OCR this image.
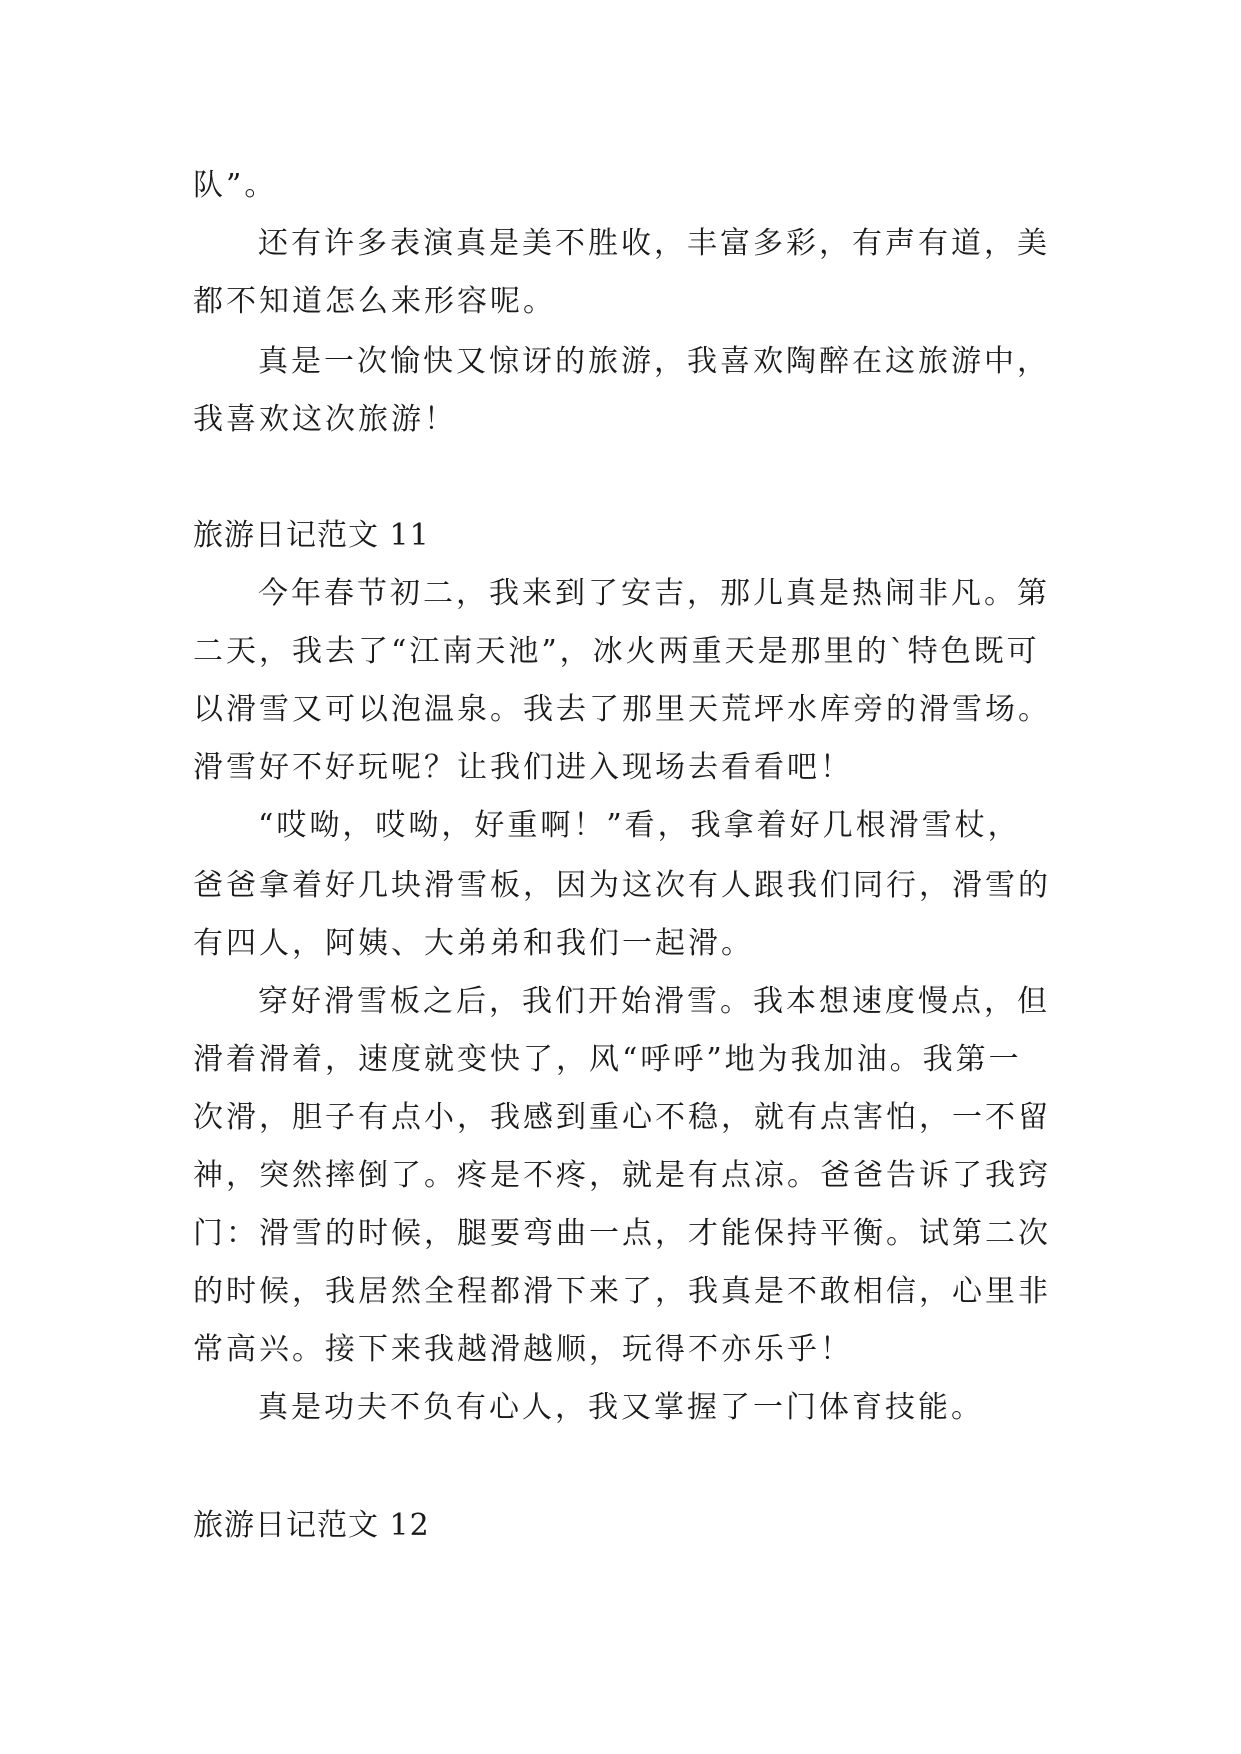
队”。
还有许多表演真是美不胜收，丰富多彩，有声有道，美
都不知道怎么来形容呢。
真是一次愉快又惊讶的旅游，我喜欢陶醉在这旅游中，
我喜欢这次旅游！
旅游日记范文 11
今年春节初二，我来到了安吉，那儿真是热闹非凡。第
二天，我去了“江南天池”，冰火两重天是那里的`特色既可
以滑雪又可以泡温泉。我去了那里天荒坪水库旁的滑雪场。
滑雪好不好玩呢？让我们进入现场去看看吧！
“哎呦，哎呦，好重啊！”看，我拿着好几根滑雪杖，
爸爸拿着好几块滑雪板，因为这次有人跟我们同行，滑雪的
有四人，阿姨、大弟弟和我们一起滑。
穿好滑雪板之后，我们开始滑雪。我本想速度慢点，但
滑着滑着，速度就变快了，风“呼呼”地为我加油。我第一
次滑，胆子有点小，我感到重心不稳，就有点害怕，一不留
神，突然摔倒了。疼是不疼，就是有点凉。爸爸告诉了我窍
门：滑雪的时候，腿要弯曲一点，才能保持平衡。试第二次
的时候，我居然全程都滑下来了，我真是不敢相信，心里非
常高兴。接下来我越滑越顺，玩得不亦乐乎！
真是功夫不负有心人，我又掌握了一门体育技能。
旅游日记范文 12
